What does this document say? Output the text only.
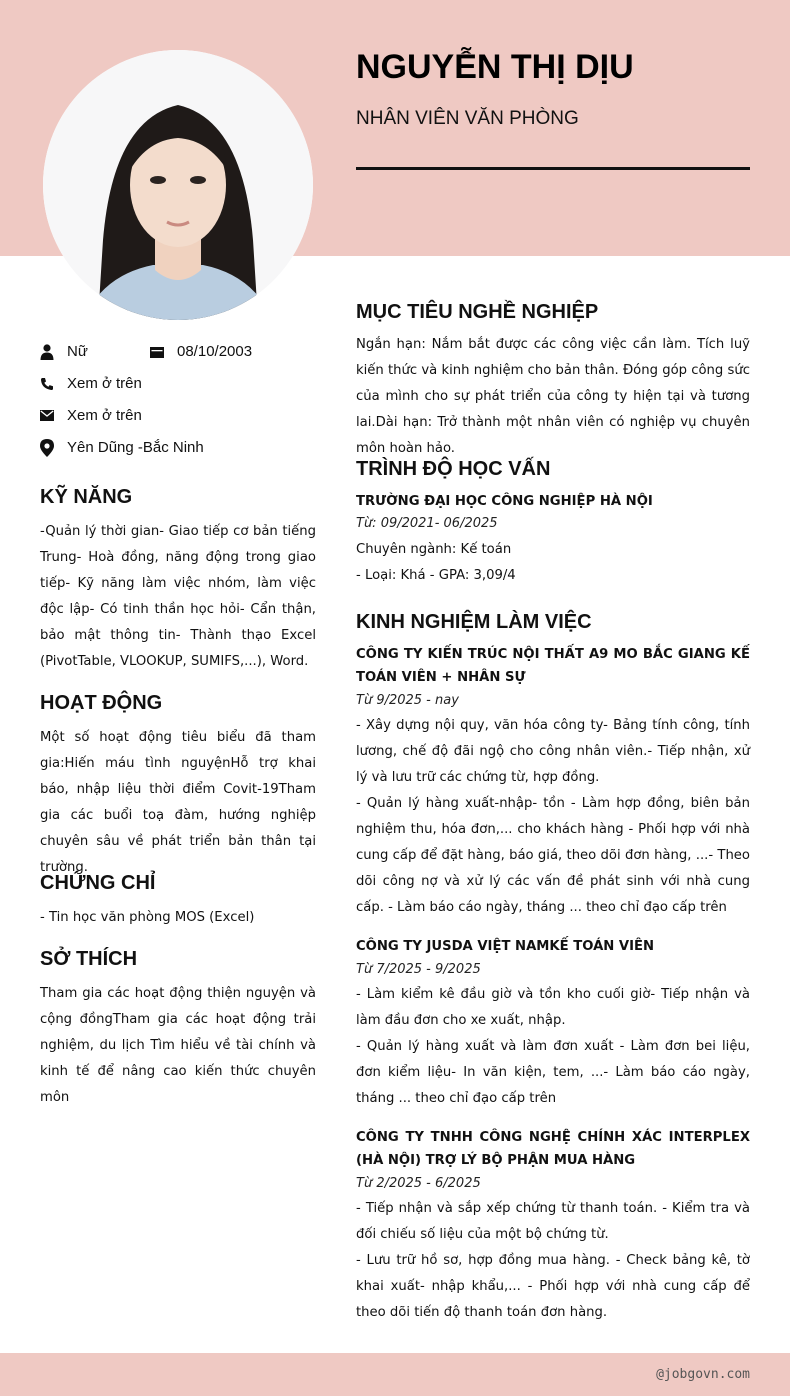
NGUYỄN THỊ DỊU
NHÂN VIÊN VĂN PHÒNG
Nữ	08/10/2003
Xem ở trên
Xem ở trên
Yên Dũng -Bắc Ninh
KỸ NĂNG
-Quản lý thời gian- Giao tiếp cơ bản tiếng Trung- Hoà đồng, năng động trong giao tiếp- Kỹ năng làm việc nhóm, làm việc độc lập- Có tinh thần học hỏi- Cẩn thận, bảo mật thông tin- Thành thạo Excel (PivotTable, VLOOKUP, SUMIFS,...), Word.
HOẠT ĐỘNG
Một số hoạt động tiêu biểu đã tham gia:Hiến máu tình nguyệnHỗ trợ khai báo, nhập liệu thời điểm Covit-19Tham gia các buổi toạ đàm, hướng nghiệp chuyên sâu về phát triển bản thân tại trường.
CHỨNG CHỈ
- Tin học văn phòng MOS (Excel)
SỞ THÍCH
Tham gia các hoạt động thiện nguyện và cộng đồngTham gia các hoạt động trải nghiệm, du lịch Tìm hiểu về tài chính và kinh tế để nâng cao kiến thức chuyên môn
MỤC TIÊU NGHỀ NGHIỆP
Ngắn hạn: Nắm bắt được các công việc cần làm. Tích luỹ kiến thức và kinh nghiệm cho bản thân. Đóng góp công sức của mình cho sự phát triển của công ty hiện tại và tương lai.Dài hạn: Trở thành một nhân viên có nghiệp vụ chuyên môn hoàn hảo.
TRÌNH ĐỘ HỌC VẤN
TRƯỜNG ĐẠI HỌC CÔNG NGHIỆP HÀ NỘI
Từ: 09/2021- 06/2025
Chuyên ngành: Kế toán
- Loại: Khá - GPA: 3,09/4
KINH NGHIỆM LÀM VIỆC
CÔNG TY KIẾN TRÚC NỘI THẤT A9 MO BẮC GIANG KẾ TOÁN VIÊN + NHÂN SỰ
Từ 9/2025 - nay
- Xây dựng nội quy, văn hóa công ty- Bảng tính công, tính lương, chế độ đãi ngộ cho công nhân viên.- Tiếp nhận, xử lý và lưu trữ các chứng từ, hợp đồng.
- Quản lý hàng xuất-nhập- tồn - Làm hợp đồng, biên bản nghiệm thu, hóa đơn,... cho khách hàng - Phối hợp với nhà cung cấp để đặt hàng, báo giá, theo dõi đơn hàng, ...- Theo dõi công nợ và xử lý các vấn đề phát sinh với nhà cung cấp. - Làm báo cáo ngày, tháng ... theo chỉ đạo cấp trên
CÔNG TY JUSDA VIỆT NAMKẾ TOÁN VIÊN
Từ 7/2025 - 9/2025
- Làm kiểm kê đầu giờ và tồn kho cuối giờ- Tiếp nhận và làm đầu đơn cho xe xuất, nhập.
- Quản lý hàng xuất và làm đơn xuất - Làm đơn bei liệu, đơn kiểm liệu- In văn kiện, tem, ...- Làm báo cáo ngày, tháng ... theo chỉ đạo cấp trên
CÔNG TY TNHH CÔNG NGHỆ CHÍNH XÁC INTERPLEX (HÀ NỘI) TRỢ LÝ BỘ PHẬN MUA HÀNG
Từ 2/2025 - 6/2025
- Tiếp nhận và sắp xếp chứng từ thanh toán. - Kiểm tra và đối chiếu số liệu của một bộ chứng từ.
- Lưu trữ hồ sơ, hợp đồng mua hàng. - Check bảng kê, tờ khai xuất- nhập khẩu,... - Phối hợp với nhà cung cấp để theo dõi tiến độ thanh toán đơn hàng.
@jobgovn.com
